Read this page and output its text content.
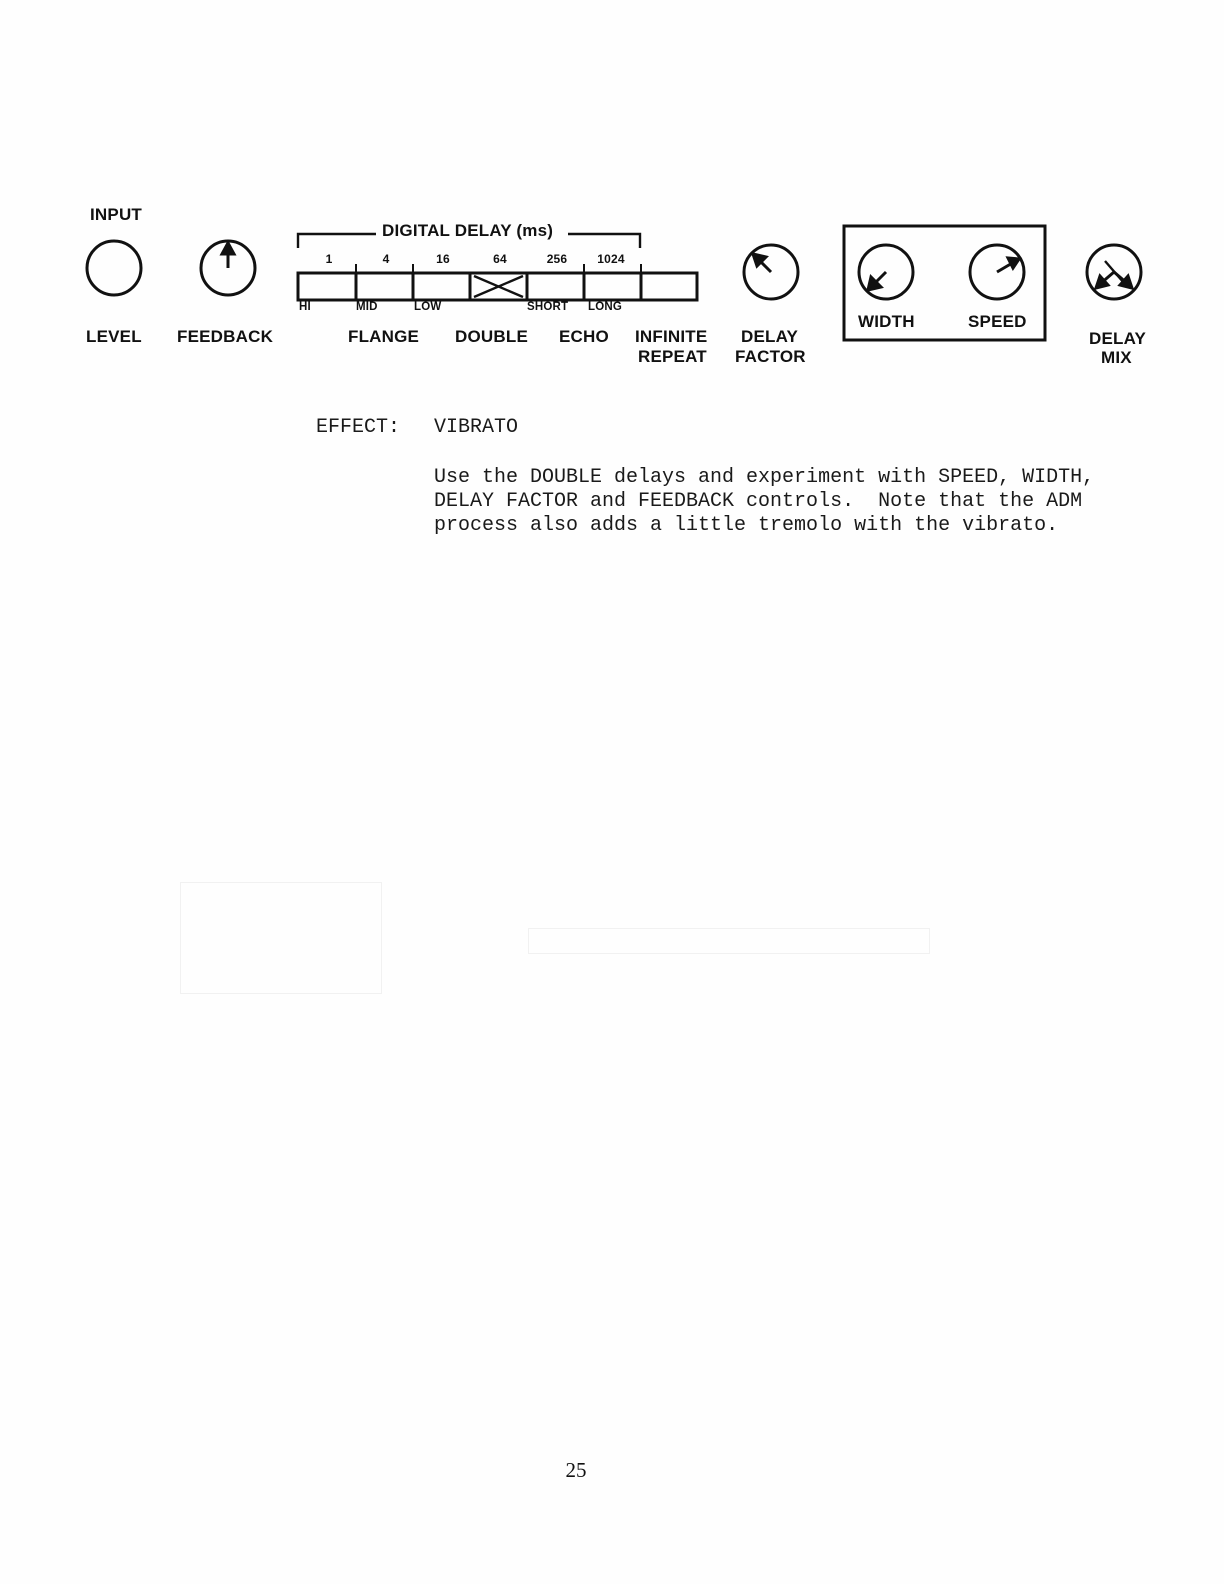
INPUT
LEVEL FEEDBACK
DIGITAL DELAY (ms)
1	4	16	64	256 1024
HI	MID	LOW	SHORT LONG
FLANGE DOUBLE ECHO INFINITE
REPEAT
DELAY
FACTOR
WIDTH	SPEED
DELAY
MIX
EFFECT: VIBRATO
Use the DOUBLE delays and experiment with SPEED, WIDTH,
DELAY FACTOR and FEEDBACK controls.  Note that the ADM
process also adds a little tremolo with the vibrato.
25
